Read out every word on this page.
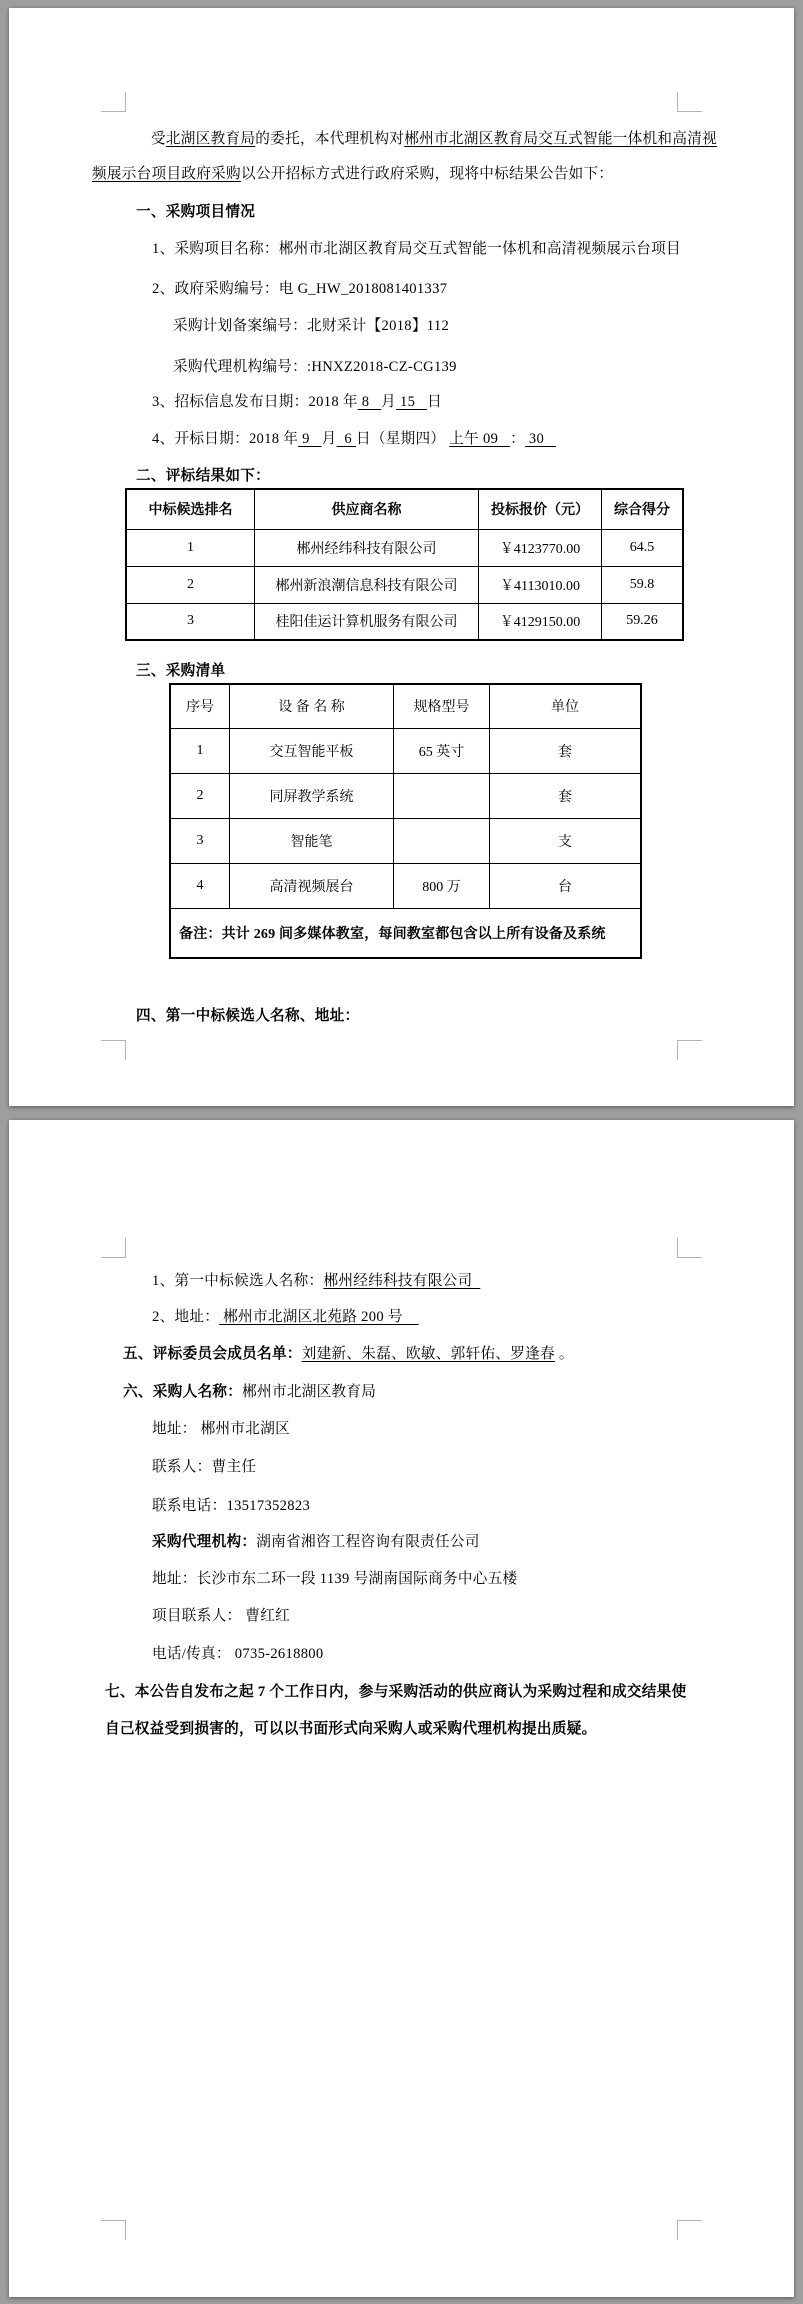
受北湖区教育局的委托，本代理机构对郴州市北湖区教育局交互式智能一体机和高清视
频展示台项目政府采购以公开招标方式进行政府采购，现将中标结果公告如下：
一、采购项目情况
1、采购项目名称：郴州市北湖区教育局交互式智能一体机和高清视频展示台项目
2、政府采购编号：电 G_HW_2018081401337
采购计划备案编号：北财采计【2018】112
采购代理机构编号：:HNXZ2018-CZ-CG139
3、招标信息发布日期：2018 年 8   月 15   日
4、开标日期：2018 年 9   月  6 日（星期四） 上午 09   ： 30
二、评标结果如下：
中标候选排名	供应商名称	投标报价（元）	综合得分
1	郴州经纬科技有限公司	￥4123770.00	64.5
2	郴州新浪潮信息科技有限公司	￥4113010.00	59.8
3	桂阳佳运计算机服务有限公司	￥4129150.00	59.26
三、采购清单
序号	设 备 名 称	规格型号	单位
1	交互智能平板	65 英寸	套
2	同屏教学系统		套
3	智能笔		支
4	高清视频展台	800 万	台
备注：共计 269 间多媒体教室，每间教室都包含以上所有设备及系统			
四、第一中标候选人名称、地址：
1、第一中标候选人名称：郴州经纬科技有限公司
2、地址： 郴州市北湖区北苑路 200 号
五、评标委员会成员名单：刘建新、朱磊、欧敏、郭轩佑、罗逢春 。
六、采购人名称：郴州市北湖区教育局
地址： 郴州市北湖区
联系人：曹主任
联系电话：13517352823
采购代理机构：湖南省湘咨工程咨询有限责任公司
地址：长沙市东二环一段 1139 号湖南国际商务中心五楼
项目联系人： 曹红红
电话/传真： 0735-2618800
七、本公告自发布之起 7 个工作日内，参与采购活动的供应商认为采购过程和成交结果使
自己权益受到损害的，可以以书面形式向采购人或采购代理机构提出质疑。
